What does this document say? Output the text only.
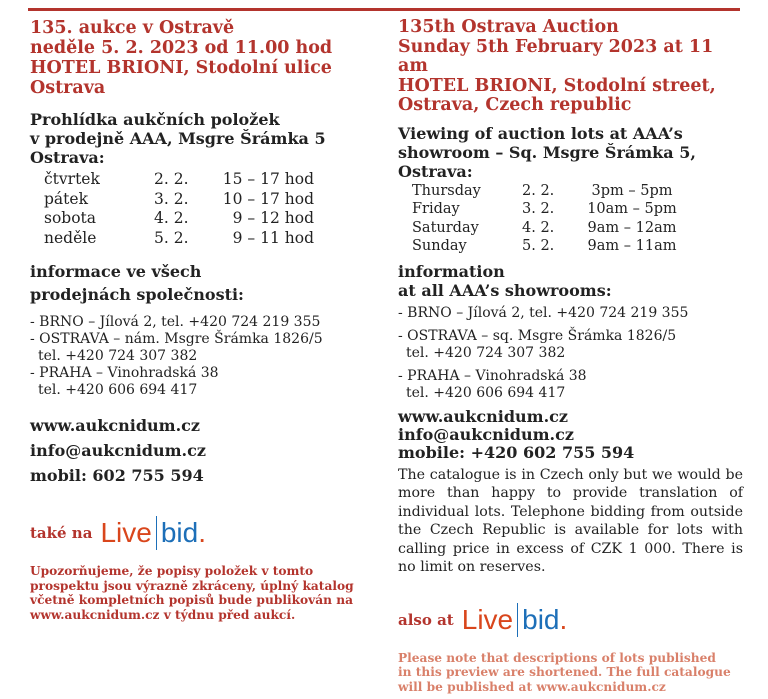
135. aukce v Ostravě
neděle 5. 2. 2023 od 11.00 hod
HOTEL BRIONI, Stodolní ulice
Ostrava
Prohlídka aukčních položek
v prodejně AAA, Msgre Šrámka 5
Ostrava:
čtvrtek	2. 2.	15 – 17 hod
pátek	3. 2.	10 – 17 hod
sobota	4. 2.	9 – 12 hod
neděle	5. 2.	9 – 11 hod
informace ve všech
prodejnách společnosti:
- BRNO – Jílová 2, tel. +420 724 219 355
- OSTRAVA – nám. Msgre Šrámka 1826/5
tel. +420 724 307 382
- PRAHA – Vinohradská 38
tel. +420 606 694 417
www.aukcnidum.cz
info@aukcnidum.cz
mobil: 602 755 594
také na Live bid .
Upozorňujeme, že popisy položek v tomto
prospektu jsou výrazně zkráceny, úplný katalog
včetně kompletních popisů bude publikován na
www.aukcnidum.cz v týdnu před aukcí.
135th Ostrava Auction
Sunday 5th February 2023 at 11 am
HOTEL BRIONI, Stodolní street,
Ostrava, Czech republic
Viewing of auction lots at AAA’s
showroom – Sq. Msgre Šrámka 5,
Ostrava:
Thursday	2. 2.	3pm – 5pm
Friday	3. 2.	10am – 5pm
Saturday	4. 2.	9am – 12am
Sunday	5. 2.	9am – 11am
information
at all AAA’s showrooms:
- BRNO – Jílová 2, tel. +420 724 219 355
- OSTRAVA – sq. Msgre Šrámka 1826/5
tel. +420 724 307 382
- PRAHA – Vinohradská 38
tel. +420 606 694 417
www.aukcnidum.cz
info@aukcnidum.cz
mobile: +420 602 755 594
The catalogue is in Czech only but we would be more than happy to provide translation of individual lots. Telephone bidding from outside the Czech Republic is available for lots with calling price in excess of CZK 1 000. There is no limit on reserves.
also at Live bid .
Please note that descriptions of lots published
in this preview are shortened. The full catalogue
will be published at www.aukcnidum.cz
